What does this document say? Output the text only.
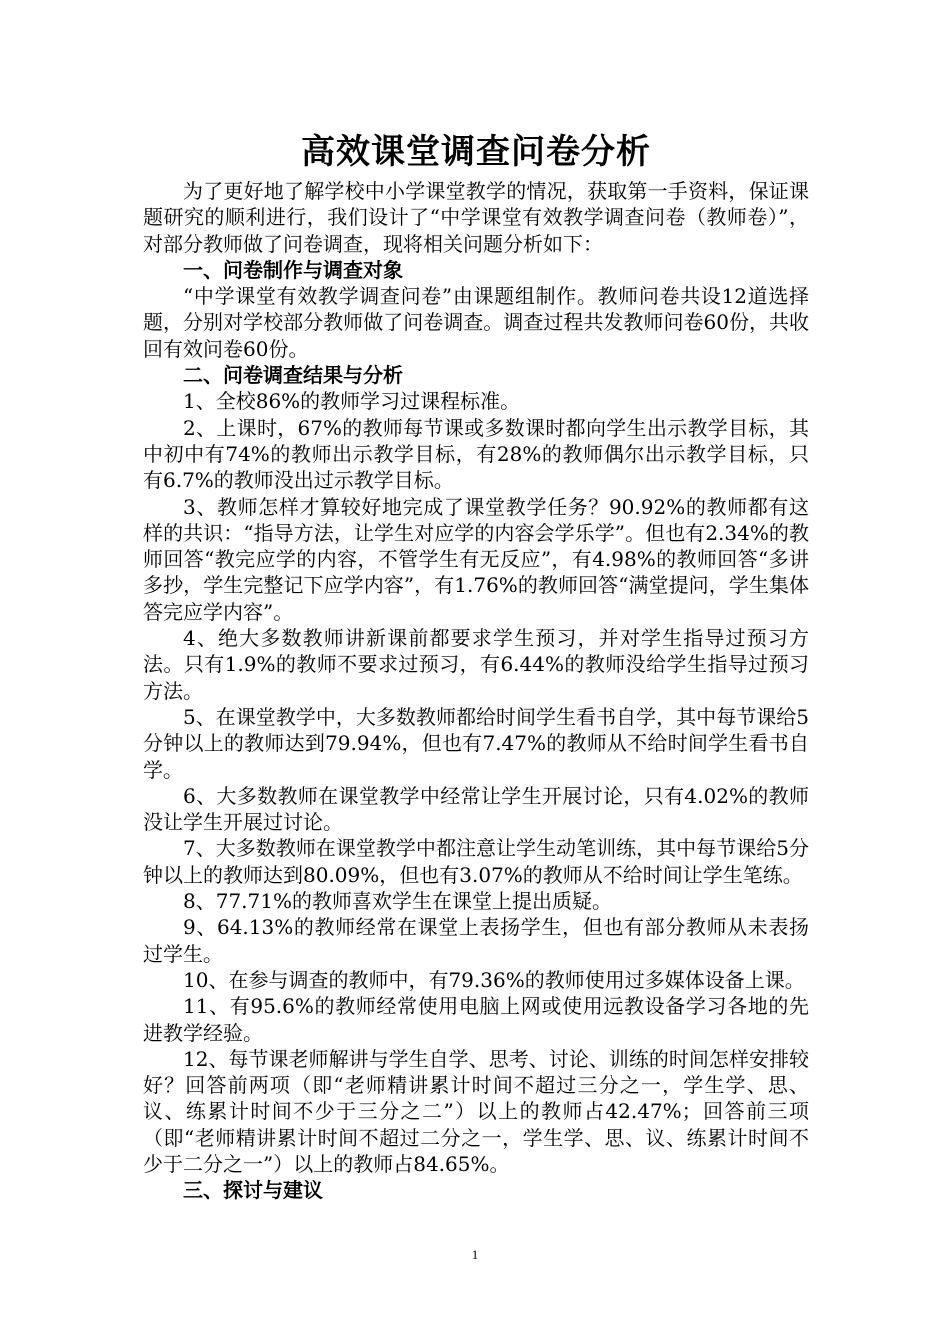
高效课堂调查问卷分析

为了更好地了解学校中小学课堂教学的情况，获取第一手资料，保证课题研究的顺利进行，我们设计了“中学课堂有效教学调查问卷（教师卷）”，对部分教师做了问卷调查，现将相关问题分析如下：

一、问卷制作与调查对象

“中学课堂有效教学调查问卷”由课题组制作。教师问卷共设12道选择题，分别对学校部分教师做了问卷调查。调查过程共发教师问卷60份，共收回有效问卷60份。

二、问卷调查结果与分析

1、全校86%的教师学习过课程标准。

2、上课时，67%的教师每节课或多数课时都向学生出示教学目标，其中初中有74%的教师出示教学目标，有28%的教师偶尔出示教学目标，只有6.7%的教师没出过示教学目标。

3、教师怎样才算较好地完成了课堂教学任务？90.92%的教师都有这样的共识：“指导方法，让学生对应学的内容会学乐学”。但也有2.34%的教师回答“教完应学的内容，不管学生有无反应”，有4.98%的教师回答“多讲多抄，学生完整记下应学内容”，有1.76%的教师回答“满堂提问，学生集体答完应学内容”。

4、绝大多数教师讲新课前都要求学生预习，并对学生指导过预习方法。只有1.9%的教师不要求过预习，有6.44%的教师没给学生指导过预习方法。

5、在课堂教学中，大多数教师都给时间学生看书自学，其中每节课给5分钟以上的教师达到79.94%，但也有7.47%的教师从不给时间学生看书自学。

6、大多数教师在课堂教学中经常让学生开展讨论，只有4.02%的教师没让学生开展过讨论。

7、大多数教师在课堂教学中都注意让学生动笔训练，其中每节课给5分钟以上的教师达到80.09%，但也有3.07%的教师从不给时间让学生笔练。

8、77.71%的教师喜欢学生在课堂上提出质疑。

9、64.13%的教师经常在课堂上表扬学生，但也有部分教师从未表扬过学生。

10、在参与调查的教师中，有79.36%的教师使用过多媒体设备上课。

11、有95.6%的教师经常使用电脑上网或使用远教设备学习各地的先进教学经验。

12、每节课老师解讲与学生自学、思考、讨论、训练的时间怎样安排较好？回答前两项（即“老师精讲累计时间不超过三分之一，学生学、思、议、练累计时间不少于三分之二”）以上的教师占42.47%；回答前三项（即“老师精讲累计时间不超过二分之一，学生学、思、议、练累计时间不少于二分之一”）以上的教师占84.65%。

三、探讨与建议

1
